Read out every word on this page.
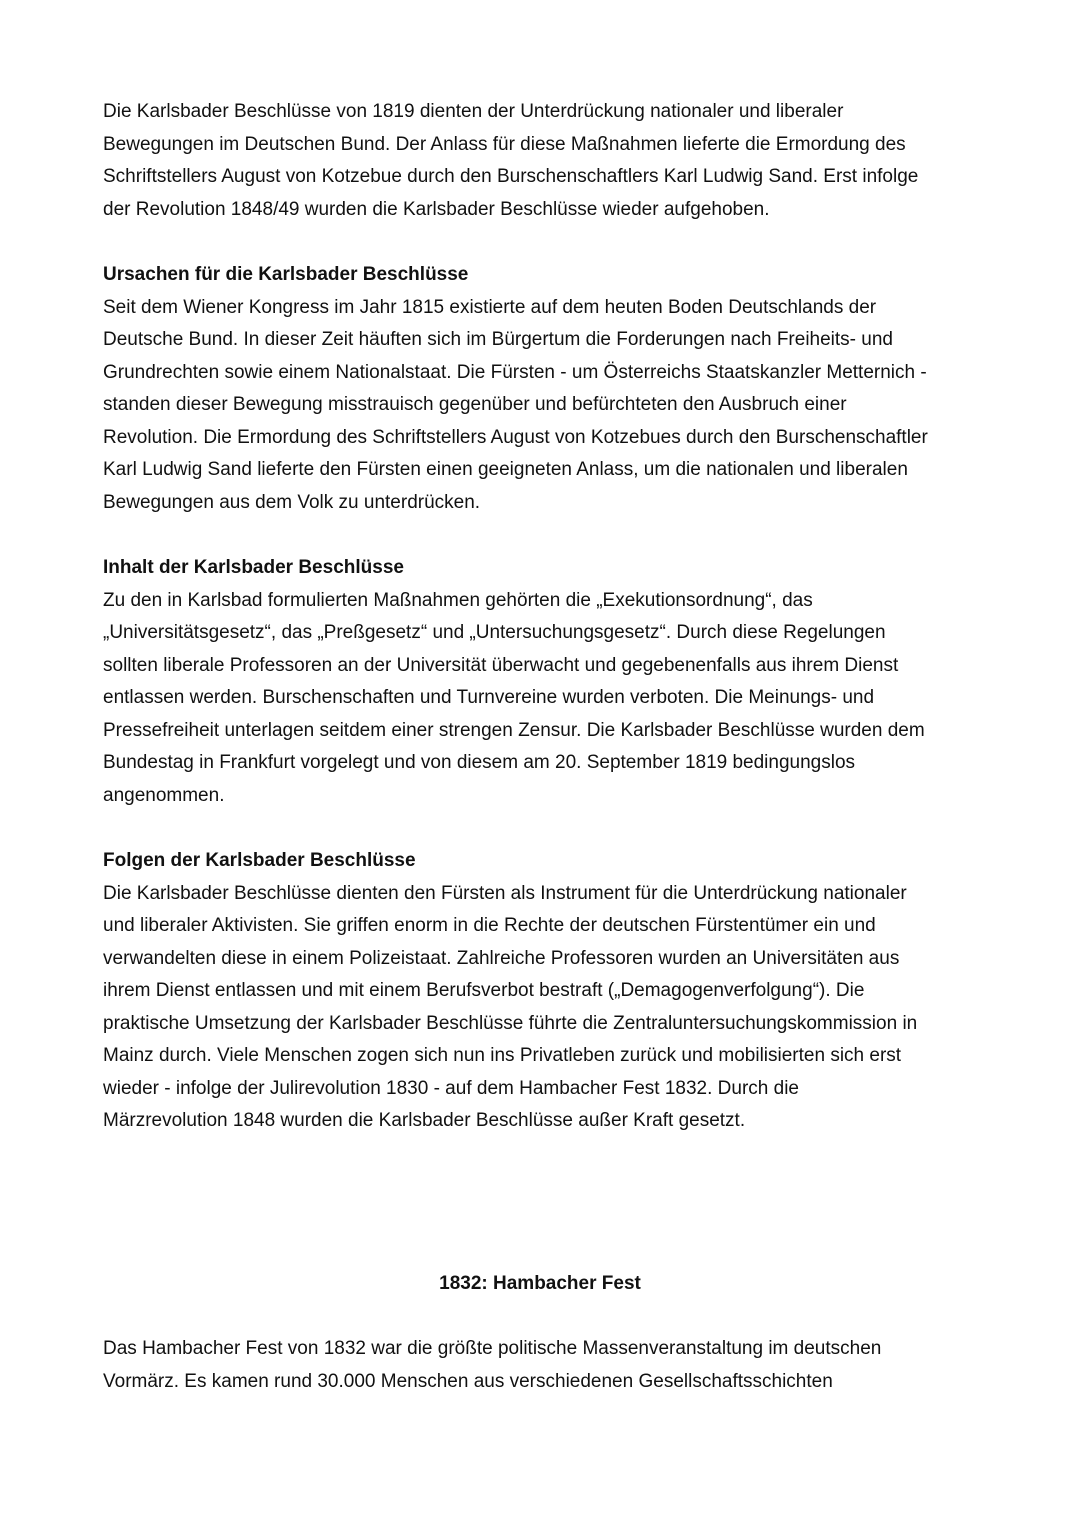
Die Karlsbader Beschlüsse von 1819 dienten der Unterdrückung nationaler und liberaler
Bewegungen im Deutschen Bund. Der Anlass für diese Maßnahmen lieferte die Ermordung des
Schriftstellers August von Kotzebue durch den Burschenschaftlers Karl Ludwig Sand. Erst infolge
der Revolution 1848/49 wurden die Karlsbader Beschlüsse wieder aufgehoben.
Ursachen für die Karlsbader Beschlüsse
Seit dem Wiener Kongress im Jahr 1815 existierte auf dem heuten Boden Deutschlands der
Deutsche Bund. In dieser Zeit häuften sich im Bürgertum die Forderungen nach Freiheits- und
Grundrechten sowie einem Nationalstaat. Die Fürsten - um Österreichs Staatskanzler Metternich -
standen dieser Bewegung misstrauisch gegenüber und befürchteten den Ausbruch einer
Revolution. Die Ermordung des Schriftstellers August von Kotzebues durch den Burschenschaftler
Karl Ludwig Sand lieferte den Fürsten einen geeigneten Anlass, um die nationalen und liberalen
Bewegungen aus dem Volk zu unterdrücken.
Inhalt der Karlsbader Beschlüsse
Zu den in Karlsbad formulierten Maßnahmen gehörten die „Exekutionsordnung“, das
„Universitätsgesetz“, das „Preßgesetz“ und „Untersuchungsgesetz“. Durch diese Regelungen
sollten liberale Professoren an der Universität überwacht und gegebenenfalls aus ihrem Dienst
entlassen werden. Burschenschaften und Turnvereine wurden verboten. Die Meinungs- und
Pressefreiheit unterlagen seitdem einer strengen Zensur. Die Karlsbader Beschlüsse wurden dem
Bundestag in Frankfurt vorgelegt und von diesem am 20. September 1819 bedingungslos
angenommen.
Folgen der Karlsbader Beschlüsse
Die Karlsbader Beschlüsse dienten den Fürsten als Instrument für die Unterdrückung nationaler
und liberaler Aktivisten. Sie griffen enorm in die Rechte der deutschen Fürstentümer ein und
verwandelten diese in einem Polizeistaat. Zahlreiche Professoren wurden an Universitäten aus
ihrem Dienst entlassen und mit einem Berufsverbot bestraft („Demagogenverfolgung“). Die
praktische Umsetzung der Karlsbader Beschlüsse führte die Zentraluntersuchungskommission in
Mainz durch. Viele Menschen zogen sich nun ins Privatleben zurück und mobilisierten sich erst
wieder - infolge der Julirevolution 1830 - auf dem Hambacher Fest 1832. Durch die
Märzrevolution 1848 wurden die Karlsbader Beschlüsse außer Kraft gesetzt.
1832: Hambacher Fest
Das Hambacher Fest von 1832 war die größte politische Massenveranstaltung im deutschen
Vormärz. Es kamen rund 30.000 Menschen aus verschiedenen Gesellschaftsschichten
